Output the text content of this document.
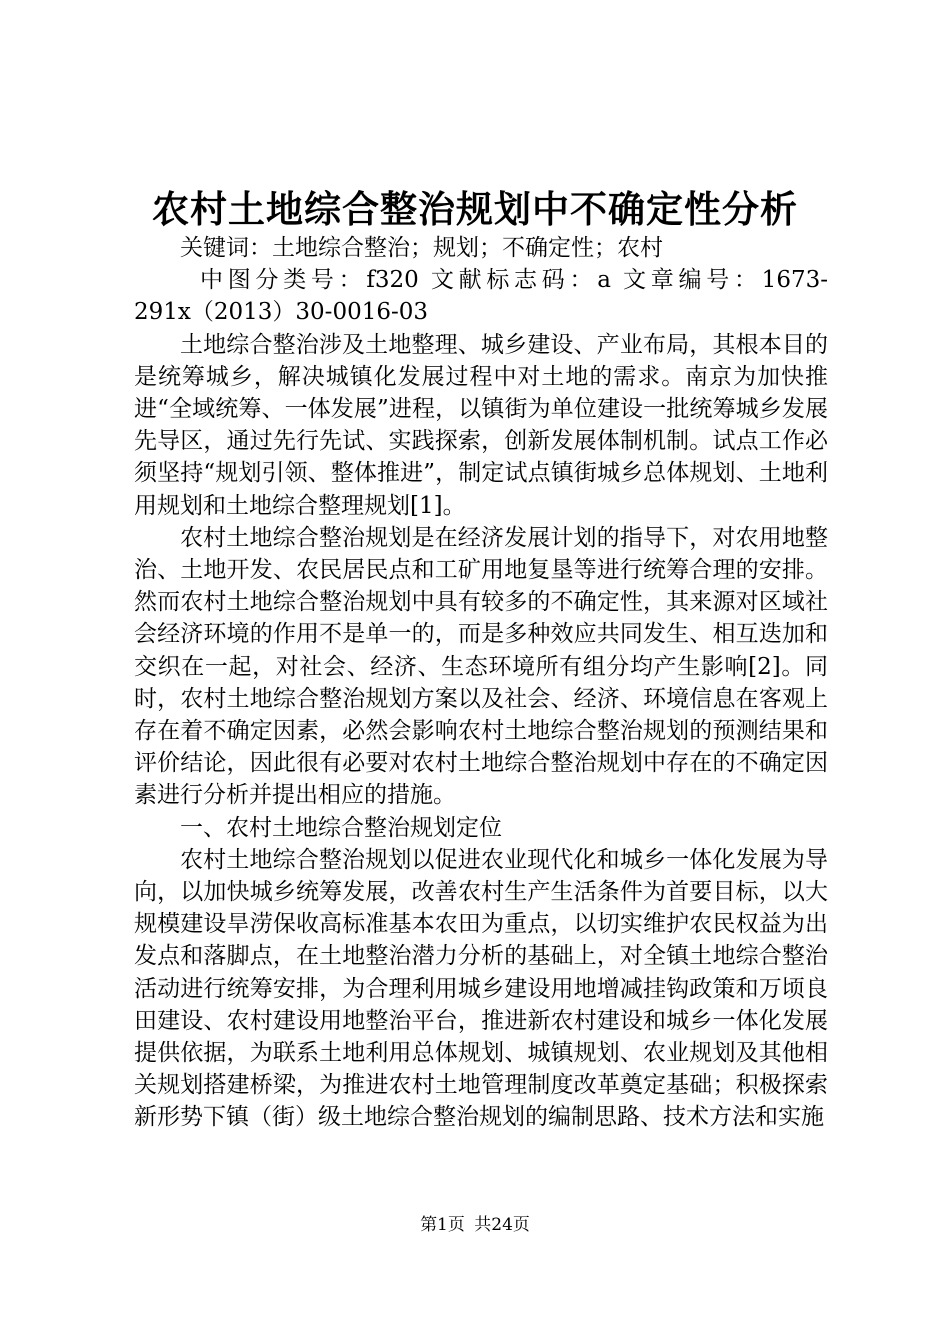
农村土地综合整治规划中不确定性分析

关键词：土地综合整治；规划；不确定性；农村

中图分类号：f320 文献标志码：a 文章编号：1673-

291x（2013）30-0016-03

土地综合整治涉及土地整理、城乡建设、产业布局，其根本目的是统筹城乡，解决城镇化发展过程中对土地的需求。南京为加快推进“全域统筹、一体发展”进程，以镇街为单位建设一批统筹城乡发展先导区，通过先行先试、实践探索，创新发展体制机制。试点工作必须坚持“规划引领、整体推进”，制定试点镇街城乡总体规划、土地利用规划和土地综合整理规划[1]。

农村土地综合整治规划是在经济发展计划的指导下，对农用地整治、土地开发、农民居民点和工矿用地复垦等进行统筹合理的安排。然而农村土地综合整治规划中具有较多的不确定性，其来源对区域社会经济环境的作用不是单一的，而是多种效应共同发生、相互迭加和交织在一起，对社会、经济、生态环境所有组分均产生影响[2]。同时，农村土地综合整治规划方案以及社会、经济、环境信息在客观上存在着不确定因素，必然会影响农村土地综合整治规划的预测结果和评价结论，因此很有必要对农村土地综合整治规划中存在的不确定因素进行分析并提出相应的措施。

一、农村土地综合整治规划定位

农村土地综合整治规划以促进农业现代化和城乡一体化发展为导向，以加快城乡统筹发展，改善农村生产生活条件为首要目标，以大规模建设旱涝保收高标准基本农田为重点，以切实维护农民权益为出发点和落脚点，在土地整治潜力分析的基础上，对全镇土地综合整治活动进行统筹安排，为合理利用城乡建设用地增减挂钩政策和万顷良田建设、农村建设用地整治平台，推进新农村建设和城乡一体化发展提供依据，为联系土地利用总体规划、城镇规划、农业规划及其他相关规划搭建桥梁，为推进农村土地管理制度改革奠定基础；积极探索新形势下镇（街）级土地综合整治规划的编制思路、技术方法和实施

第1页 共24页
